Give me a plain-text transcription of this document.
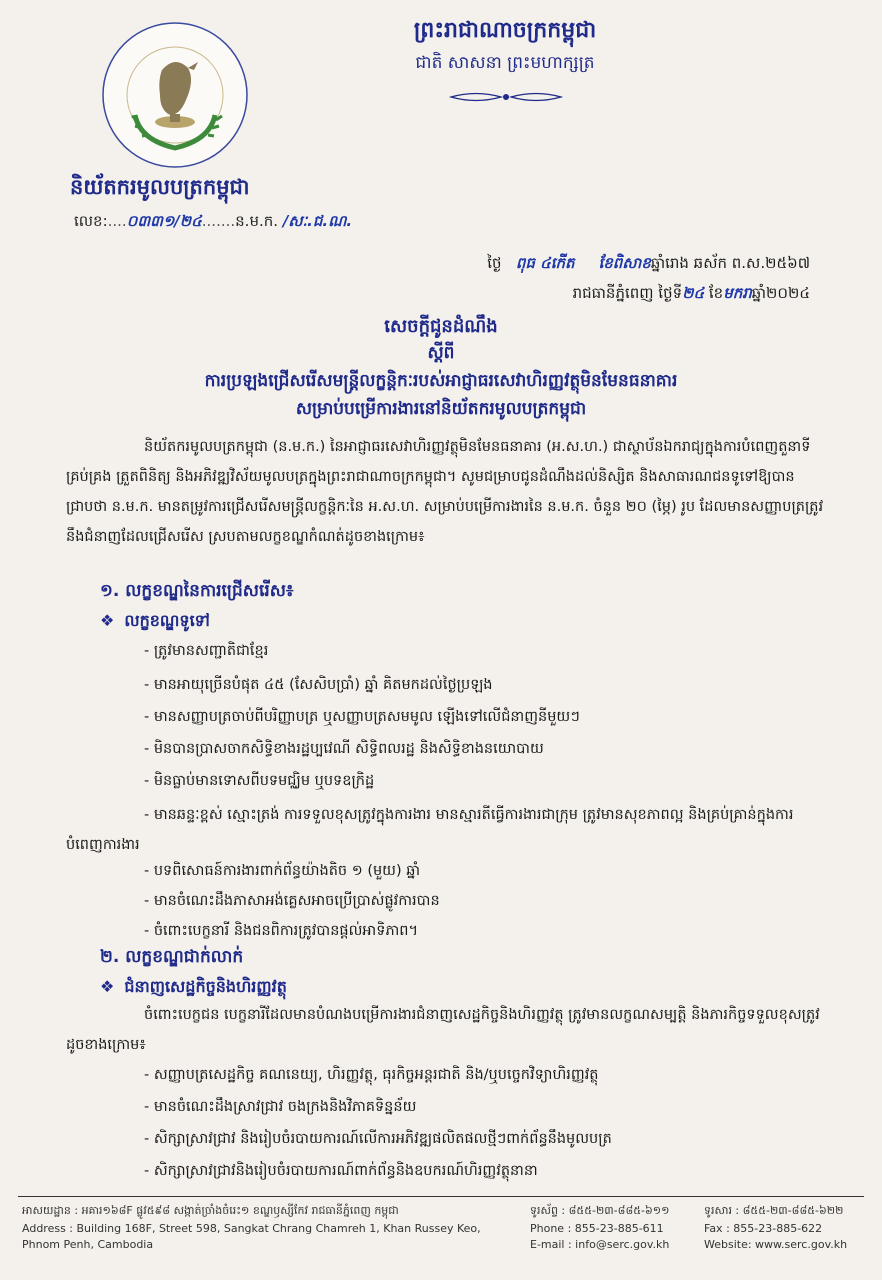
ព្រះរាជាណាចក្រកម្ពុជា
ជាតិ សាសនា ព្រះមហាក្សត្រ
និយ័តករមូលបត្រកម្ពុជា
លេខ:....០៣៣១/២៤.......ន.ម.ក. /សៈ.ជ.ណ.
ថ្ងៃ ពុធ ៤កើត ខែពិសាខឆ្នាំរោង ឆស័ក ព.ស.២៥៦៧
រាជធានីភ្នំពេញ ថ្ងៃទី២៤ ខែមករាឆ្នាំ២០២៤
សេចក្តីជូនដំណឹង
ស្តីពី
ការប្រឡងជ្រើសរើសមន្ត្រីលក្ខន្តិកៈរបស់អាជ្ញាធរសេវាហិរញ្ញវត្ថុមិនមែនធនាគារ
សម្រាប់បម្រើការងារនៅនិយ័តករមូលបត្រកម្ពុជា
និយ័តករមូលបត្រកម្ពុជា (ន.ម.ក.) នៃអាជ្ញាធរសេវាហិរញ្ញវត្ថុមិនមែនធនាគារ (អ.ស.ហ.) ជាស្ថាប័នឯករាជ្យក្នុងការបំពេញតួនាទីគ្រប់គ្រង ត្រួតពិនិត្យ និងអភិវឌ្ឍវិស័យមូលបត្រក្នុងព្រះរាជាណាចក្រកម្ពុជា។ សូមជម្រាបជូនដំណឹងដល់និស្សិត និងសាធារណជនទូទៅឱ្យបានជ្រាបថា ន.ម.ក. មានតម្រូវការជ្រើសរើសមន្ត្រីលក្ខន្តិកៈនៃ អ.ស.ហ. សម្រាប់បម្រើការងារនៃ ន.ម.ក. ចំនួន ២០ (ម្ភៃ) រូប ដែលមានសញ្ញាបត្រត្រូវនឹងជំនាញដែលជ្រើសរើស ស្របតាមលក្ខខណ្ឌកំណត់ដូចខាងក្រោម៖
១. លក្ខខណ្ឌនៃការជ្រើសរើស៖
❖ លក្ខខណ្ឌទូទៅ
- ត្រូវមានសញ្ជាតិជាខ្មែរ
- មានអាយុច្រើនបំផុត ៤៥ (សែសិបប្រាំ) ឆ្នាំ គិតមកដល់ថ្ងៃប្រឡង
- មានសញ្ញាបត្រចាប់ពីបរិញ្ញាបត្រ ឬសញ្ញាបត្រសមមូល ឡើងទៅលើជំនាញនីមួយៗ
- មិនបានប្រាសចាកសិទ្ធិខាងរដ្ឋប្បវេណី សិទ្ធិពលរដ្ឋ និងសិទ្ធិខាងនយោបាយ
- មិនធ្លាប់មានទោសពីបទមជ្ឈិម ឬបទឧក្រិដ្ឋ
- មានឆន្ទៈខ្ពស់ ស្មោះត្រង់ ការទទួលខុសត្រូវក្នុងការងារ មានស្មារតីធ្វើការងារជាក្រុម ត្រូវមានសុខភាពល្អ និងគ្រប់គ្រាន់ក្នុងការបំពេញការងារ
- បទពិសោធន៍ការងារពាក់ព័ន្ធយ៉ាងតិច ១ (មួយ) ឆ្នាំ
- មានចំណេះដឹងភាសាអង់គ្លេសអាចប្រើប្រាស់ផ្លូវការបាន
- ចំពោះបេក្ខនារី និងជនពិការត្រូវបានផ្តល់អាទិភាព។
២. លក្ខខណ្ឌជាក់លាក់
❖ ជំនាញសេដ្ឋកិច្ចនិងហិរញ្ញវត្ថុ
ចំពោះបេក្ខជន បេក្ខនារីដែលមានបំណងបម្រើការងារជំនាញសេដ្ឋកិច្ចនិងហិរញ្ញវត្ថុ ត្រូវមានលក្ខណសម្បត្តិ និងភារកិច្ចទទួលខុសត្រូវ ដូចខាងក្រោម៖
- សញ្ញាបត្រសេដ្ឋកិច្ច គណនេយ្យ, ហិរញ្ញវត្ថុ, ធុរកិច្ចអន្តរជាតិ និង/ឬបច្ចេកវិទ្យាហិរញ្ញវត្ថុ
- មានចំណេះដឹងស្រាវជ្រាវ ចងក្រងនិងវិភាគទិន្នន័យ
- សិក្សាស្រាវជ្រាវ និងរៀបចំរបាយការណ៍លើការអភិវឌ្ឍផលិតផលថ្មីៗពាក់ព័ន្ធនឹងមូលបត្រ
- សិក្សាស្រាវជ្រាវនិងរៀបចំរបាយការណ៍ពាក់ព័ន្ធនិងឧបករណ៍ហិរញ្ញវត្ថុនានា
អាសយដ្ឋាន : អគារ១៦៨F ផ្លូវ៥៩៨ សង្កាត់ច្រាំងចំរេះ១ ខណ្ឌឫស្សីកែវ រាជធានីភ្នំពេញ កម្ពុជា
Address : Building 168F, Street 598, Sangkat Chrang Chamreh 1, Khan Russey Keo,
Phnom Penh, Cambodia
ទូរស័ព្ទ : ៨៥៥-២៣-៨៨៥-៦១១
Phone : 855-23-885-611
E-mail : info@serc.gov.kh
ទូរសារ : ៨៥៥-២៣-៨៨៥-៦២២
Fax : 855-23-885-622
Website: www.serc.gov.kh
